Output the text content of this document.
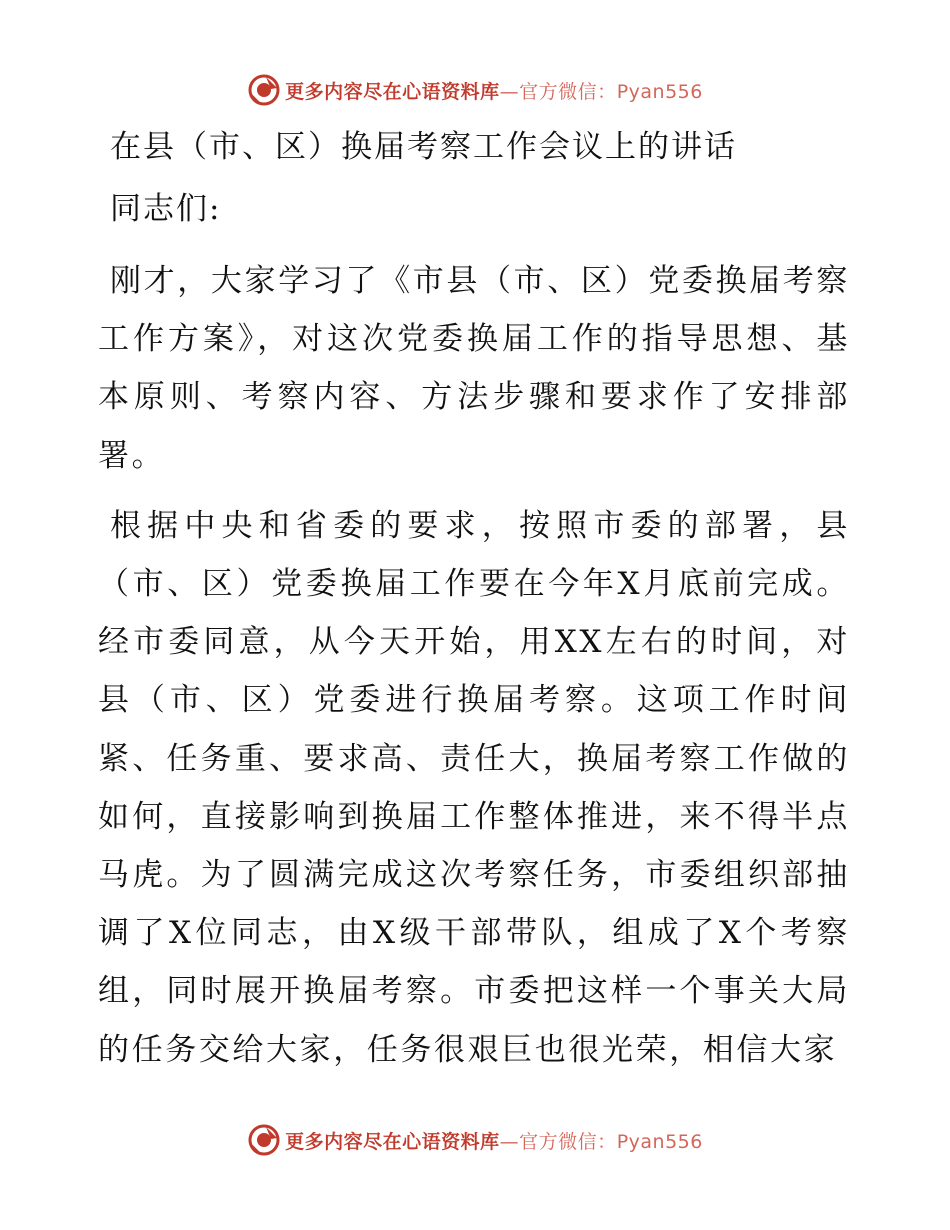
更多内容尽在心语资料库—官方微信：Pyan556
在县（市、区）换届考察工作会议上的讲话
同志们:

刚才，大家学习了《市县（市、区）党委换届考察工作方案》，对这次党委换届工作的指导思想、基本原则、考察内容、方法步骤和要求作了安排部署。

根据中央和省委的要求，按照市委的部署，县（市、区）党委换届工作要在今年X月底前完成。经市委同意，从今天开始，用XX左右的时间，对县（市、区）党委进行换届考察。这项工作时间紧、任务重、要求高、责任大，换届考察工作做的如何，直接影响到换届工作整体推进，来不得半点马虎。为了圆满完成这次考察任务，市委组织部抽调了X位同志，由X级干部带队，组成了X个考察组，同时展开换届考察。市委把这样一个事关大局的任务交给大家，任务很艰巨也很光荣，相信大家

更多内容尽在心语资料库—官方微信：Pyan556
